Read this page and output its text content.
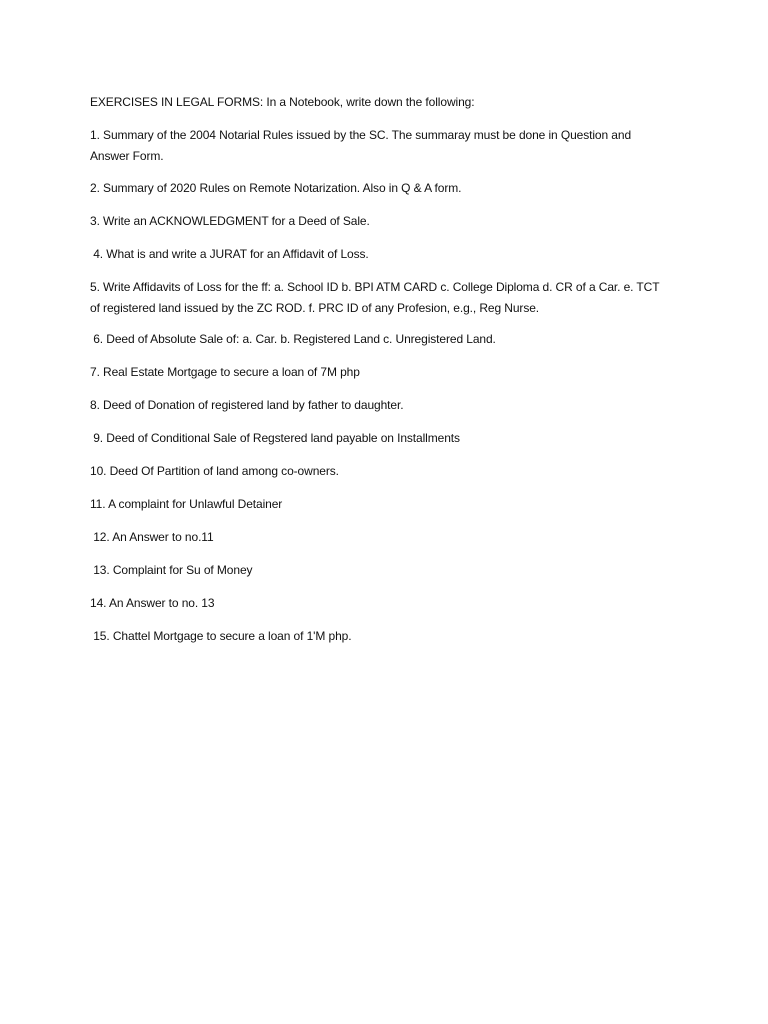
EXERCISES IN LEGAL FORMS: In a Notebook, write down the following:
1. Summary of the 2004 Notarial Rules issued by the SC. The summaray must be done in Question and Answer Form.
2. Summary of 2020 Rules on Remote Notarization. Also in Q & A form.
3. Write an ACKNOWLEDGMENT for a Deed of Sale.
4. What is and write a JURAT for an Affidavit of Loss.
5. Write Affidavits of Loss for the ff: a. School ID b. BPI ATM CARD c. College Diploma d. CR of a Car. e. TCT of registered land issued by the ZC ROD. f. PRC ID of any Profesion, e.g., Reg Nurse.
6. Deed of Absolute Sale of: a. Car. b. Registered Land c. Unregistered Land.
7. Real Estate Mortgage to secure a loan of 7M php
8. Deed of Donation of registered land by father to daughter.
9. Deed of Conditional Sale of Regstered land payable on Installments
10. Deed Of Partition of land among co-owners.
11. A complaint for Unlawful Detainer
12. An Answer to no.11
13. Complaint for Su of Money
14. An Answer to no. 13
15. Chattel Mortgage to secure a loan of 1'M php.
